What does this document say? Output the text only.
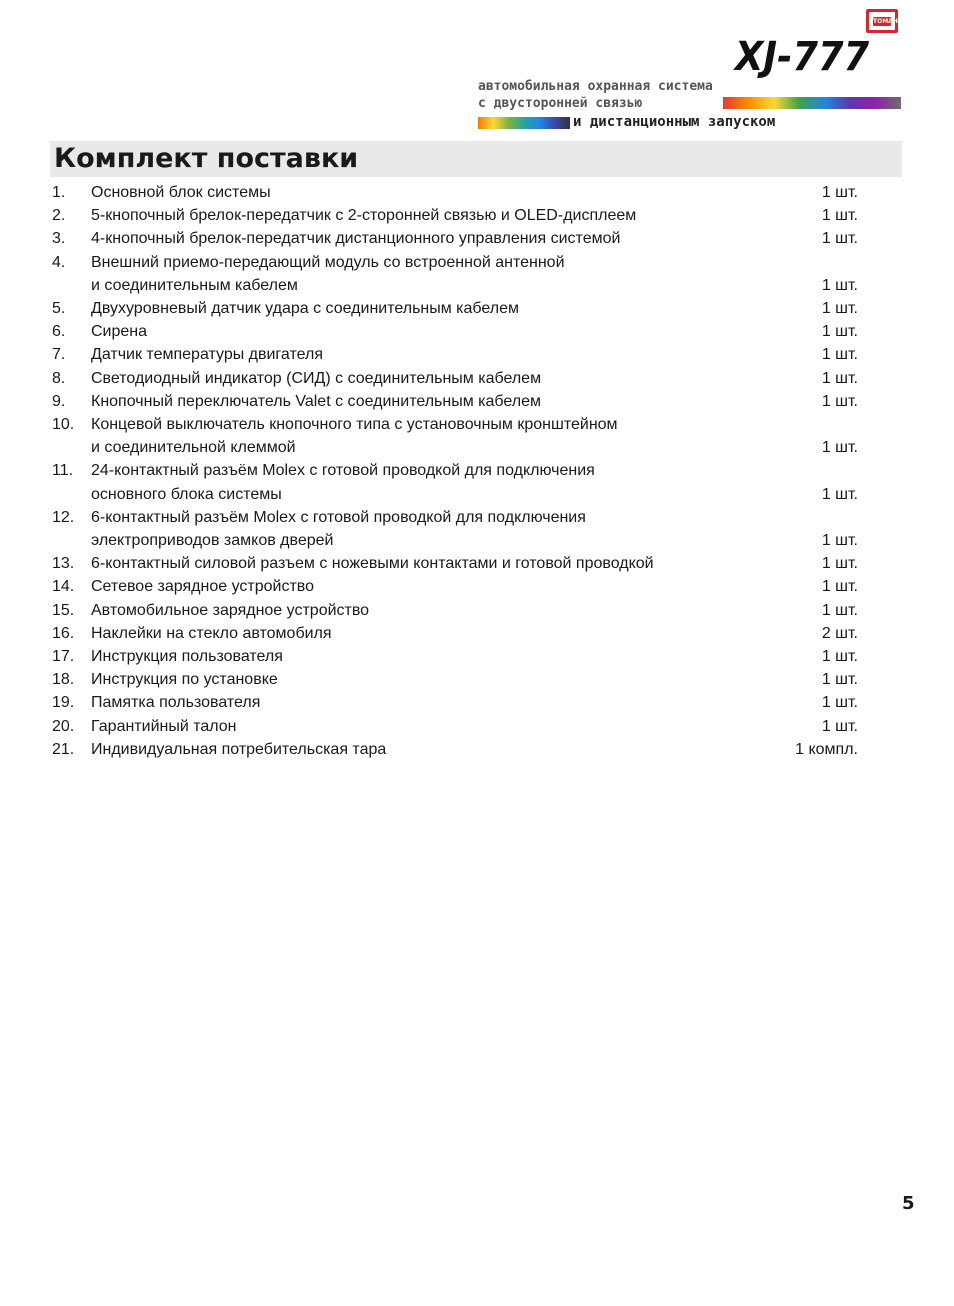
TOMAHAWK
XJ-777
автомобильная охранная система
с двусторонней связью
и дистанционным запуском
Комплект поставки
1.	Основной блок системы	1 шт.
2.	5-кнопочный брелок-передатчик с 2-сторонней связью и OLED-дисплеем	1 шт.
3.	4-кнопочный брелок-передатчик дистанционного управления системой	1 шт.
4.	Внешний приемо-передающий модуль со встроенной антенной
и соединительным кабелем	1 шт.
5.	Двухуровневый датчик удара с соединительным кабелем	1 шт.
6.	Сирена	1 шт.
7.	Датчик температуры двигателя	1 шт.
8.	Светодиодный индикатор (СИД) с соединительным кабелем	1 шт.
9.	Кнопочный переключатель Valet с соединительным кабелем	1 шт.
10.	Концевой выключатель кнопочного типа с установочным кронштейном
и соединительной клеммой	1 шт.
11.	24-контактный разъём Molex с готовой проводкой для подключения
основного блока системы	1 шт.
12.	6-контактный разъём Molex с готовой проводкой для подключения
электроприводов замков дверей	1 шт.
13.	6-контактный силовой разъем с ножевыми контактами и готовой проводкой	1 шт.
14.	Сетевое зарядное устройство	1 шт.
15.	Автомобильное зарядное устройство	1 шт.
16.	Наклейки на стекло автомобиля	2 шт.
17.	Инструкция пользователя	1 шт.
18.	Инструкция по установке	1 шт.
19.	Памятка пользователя	1 шт.
20.	Гарантийный талон	1 шт.
21.	Индивидуальная потребительская тара	1 компл.
5
